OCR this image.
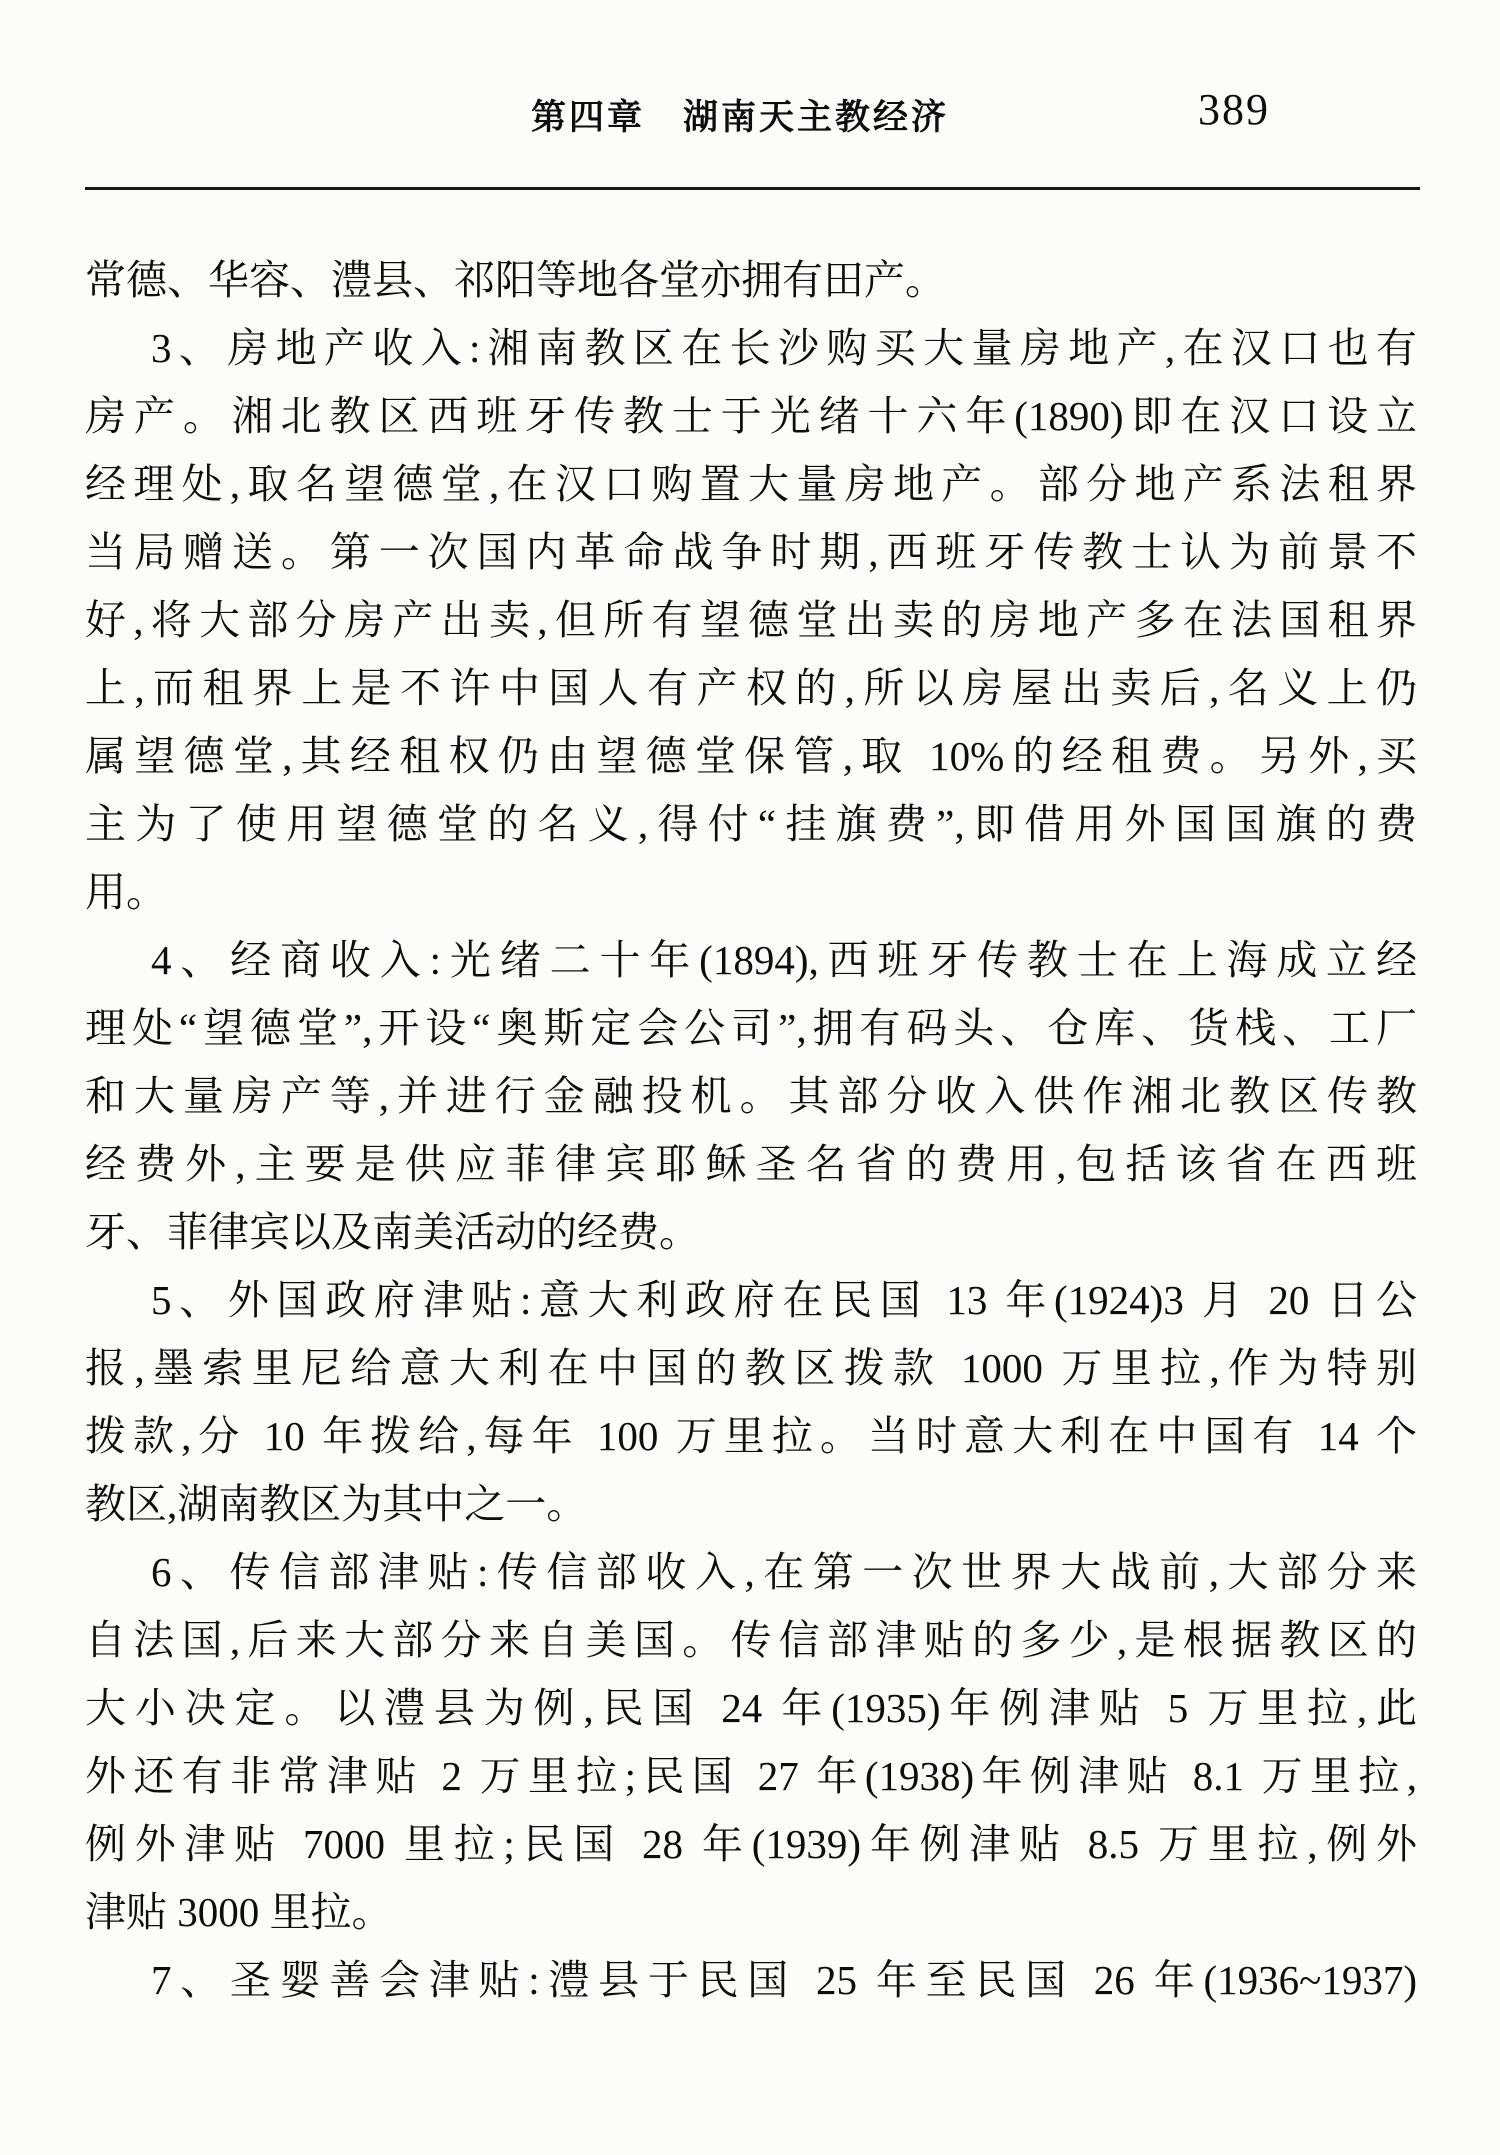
第四章　湖南天主教经济	389
常德、华容、澧县、祁阳等地各堂亦拥有田产。
3、房地产收入:湘南教区在长沙购买大量房地产,在汉口也有
房产。湘北教区西班牙传教士于光绪十六年(1890)即在汉口设立
经理处,取名望德堂,在汉口购置大量房地产。部分地产系法租界
当局赠送。第一次国内革命战争时期,西班牙传教士认为前景不
好,将大部分房产出卖,但所有望德堂出卖的房地产多在法国租界
上,而租界上是不许中国人有产权的,所以房屋出卖后,名义上仍
属望德堂,其经租权仍由望德堂保管,取 10%的经租费。另外,买
主为了使用望德堂的名义,得付“挂旗费”,即借用外国国旗的费
用。
4、经商收入:光绪二十年(1894),西班牙传教士在上海成立经
理处“望德堂”,开设“奥斯定会公司”,拥有码头、仓库、货栈、工厂
和大量房产等,并进行金融投机。其部分收入供作湘北教区传教
经费外,主要是供应菲律宾耶稣圣名省的费用,包括该省在西班
牙、菲律宾以及南美活动的经费。
5、外国政府津贴:意大利政府在民国 13 年(1924)3 月 20 日公
报,墨索里尼给意大利在中国的教区拨款 1000 万里拉,作为特别
拨款,分 10 年拨给,每年 100 万里拉。当时意大利在中国有 14 个
教区,湖南教区为其中之一。
6、传信部津贴:传信部收入,在第一次世界大战前,大部分来
自法国,后来大部分来自美国。传信部津贴的多少,是根据教区的
大小决定。以澧县为例,民国 24 年(1935)年例津贴 5 万里拉,此
外还有非常津贴 2 万里拉;民国 27 年(1938)年例津贴 8.1 万里拉,
例外津贴 7000 里拉;民国 28 年(1939)年例津贴 8.5 万里拉,例外
津贴 3000 里拉。
7、圣婴善会津贴:澧县于民国 25 年至民国 26 年(1936~1937)
